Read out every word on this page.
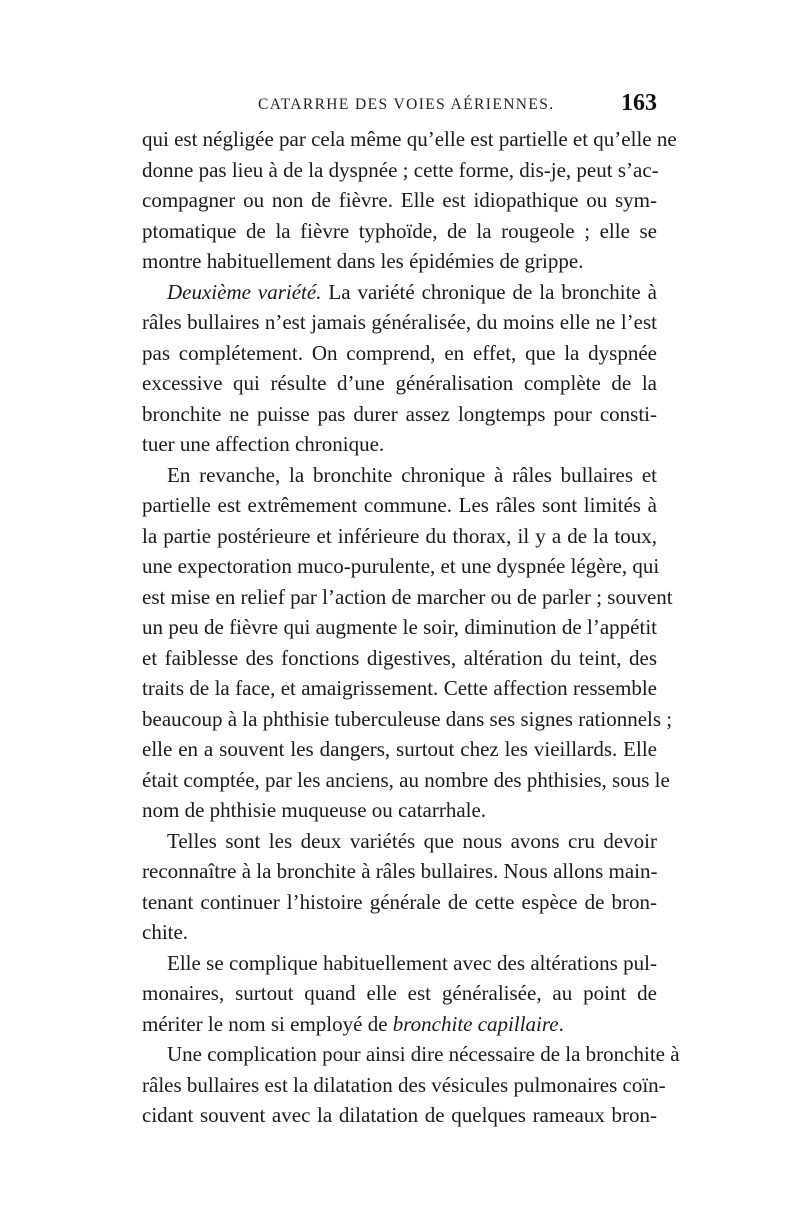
CATARRHE DES VOIES AÉRIENNES.	163
qui est négligée par cela même qu’elle est partielle et qu’elle ne
donne pas lieu à de la dyspnée ; cette forme, dis-je, peut s’ac-
compagner ou non de fièvre. Elle est idiopathique ou sym-
ptomatique de la fièvre typhoïde, de la rougeole ; elle se
montre habituellement dans les épidémies de grippe.
Deuxième variété. La variété chronique de la bronchite à
râles bullaires n’est jamais généralisée, du moins elle ne l’est
pas complétement. On comprend, en effet, que la dyspnée
excessive qui résulte d’une généralisation complète de la
bronchite ne puisse pas durer assez longtemps pour consti-
tuer une affection chronique.
En revanche, la bronchite chronique à râles bullaires et
partielle est extrêmement commune. Les râles sont limités à
la partie postérieure et inférieure du thorax, il y a de la toux,
une expectoration muco-purulente, et une dyspnée légère, qui
est mise en relief par l’action de marcher ou de parler ; souvent
un peu de fièvre qui augmente le soir, diminution de l’appétit
et faiblesse des fonctions digestives, altération du teint, des
traits de la face, et amaigrissement. Cette affection ressemble
beaucoup à la phthisie tuberculeuse dans ses signes rationnels ;
elle en a souvent les dangers, surtout chez les vieillards. Elle
était comptée, par les anciens, au nombre des phthisies, sous le
nom de phthisie muqueuse ou catarrhale.
Telles sont les deux variétés que nous avons cru devoir
reconnaître à la bronchite à râles bullaires. Nous allons main-
tenant continuer l’histoire générale de cette espèce de bron-
chite.
Elle se complique habituellement avec des altérations pul-
monaires, surtout quand elle est généralisée, au point de
mériter le nom si employé de bronchite capillaire.
Une complication pour ainsi dire nécessaire de la bronchite à
râles bullaires est la dilatation des vésicules pulmonaires coïn-
cidant souvent avec la dilatation de quelques rameaux bron-
